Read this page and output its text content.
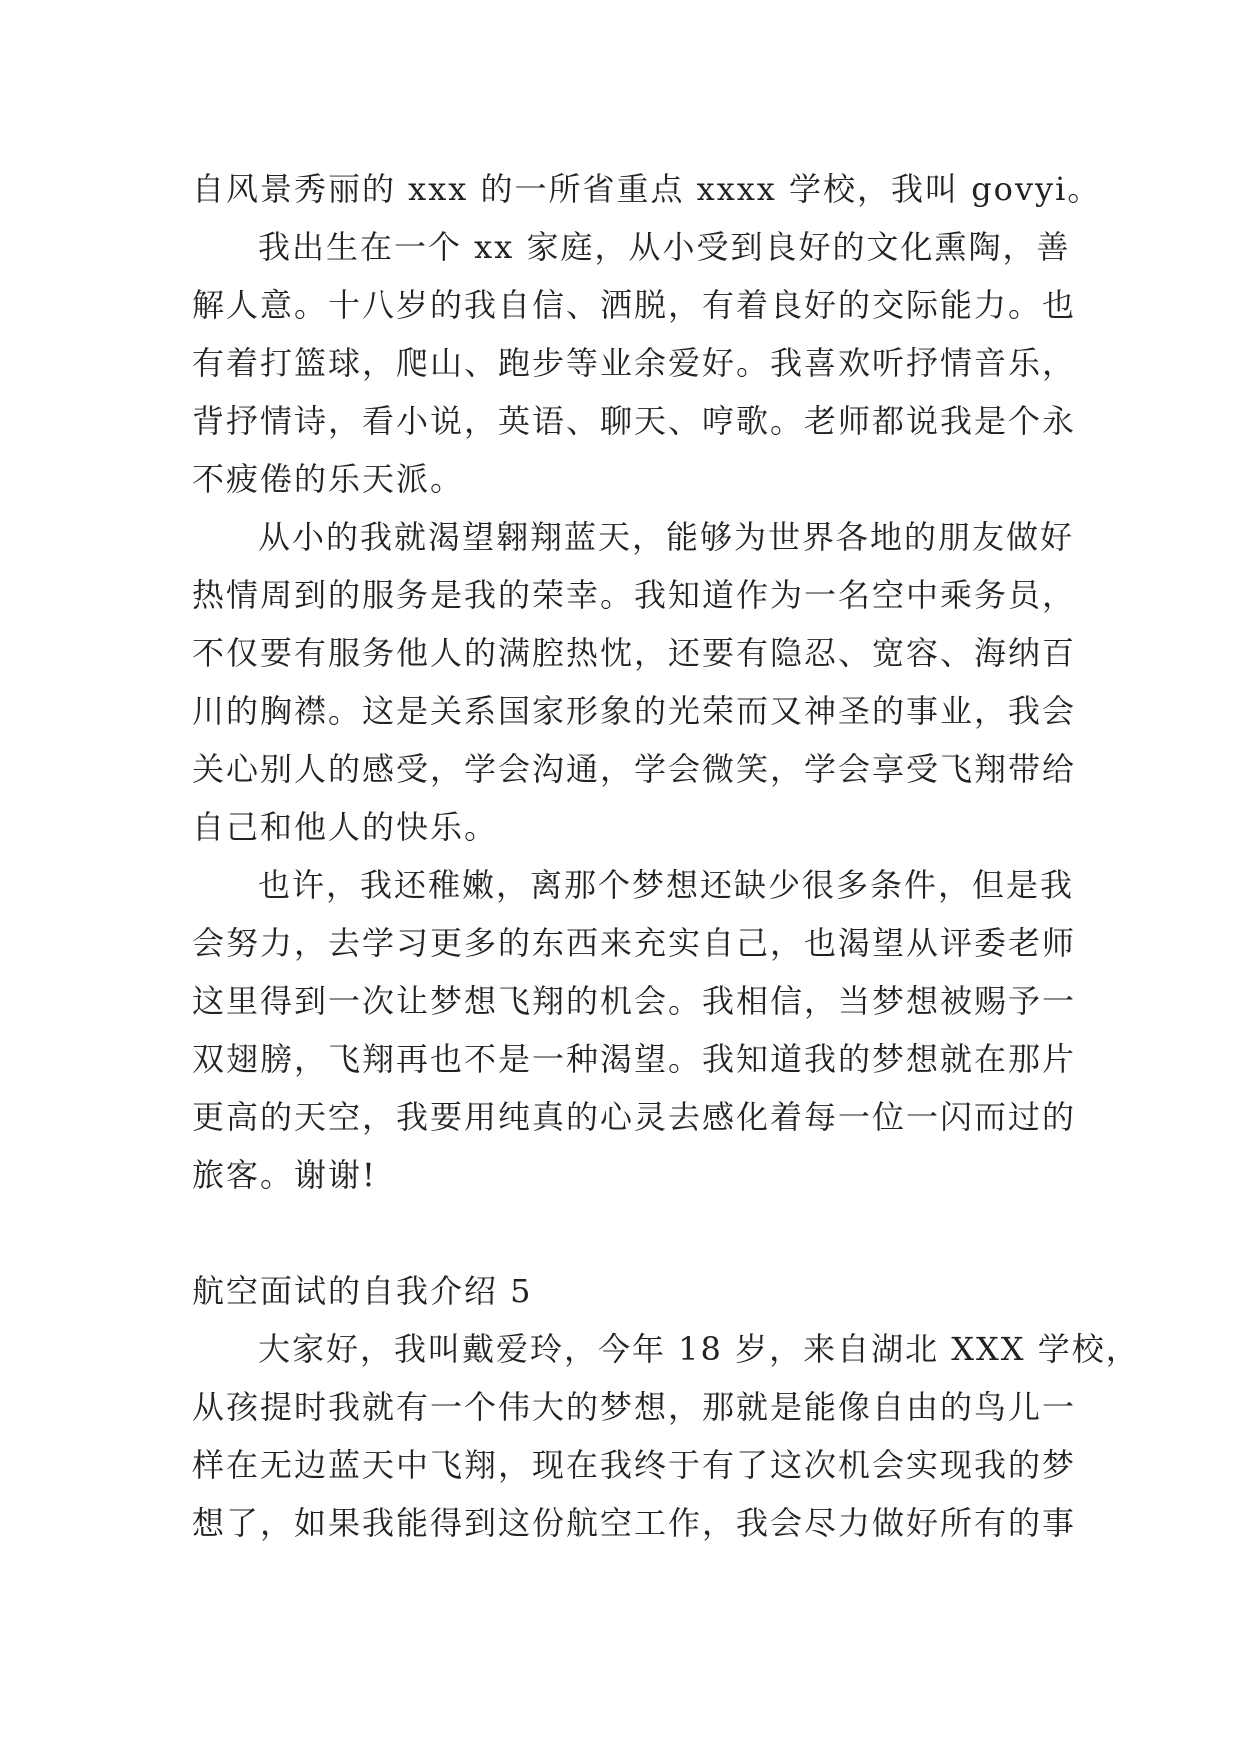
自风景秀丽的 xxx 的一所省重点 xxxx 学校，我叫 govyi。
我出生在一个 xx 家庭，从小受到良好的文化熏陶，善
解人意。十八岁的我自信、洒脱，有着良好的交际能力。也
有着打篮球，爬山、跑步等业余爱好。我喜欢听抒情音乐，
背抒情诗，看小说，英语、聊天、哼歌。老师都说我是个永
不疲倦的乐天派。
从小的我就渴望翱翔蓝天，能够为世界各地的朋友做好
热情周到的服务是我的荣幸。我知道作为一名空中乘务员，
不仅要有服务他人的满腔热忱，还要有隐忍、宽容、海纳百
川的胸襟。这是关系国家形象的光荣而又神圣的事业，我会
关心别人的感受，学会沟通，学会微笑，学会享受飞翔带给
自己和他人的快乐。
也许，我还稚嫩，离那个梦想还缺少很多条件，但是我
会努力，去学习更多的东西来充实自己，也渴望从评委老师
这里得到一次让梦想飞翔的机会。我相信，当梦想被赐予一
双翅膀，飞翔再也不是一种渴望。我知道我的梦想就在那片
更高的天空，我要用纯真的心灵去感化着每一位一闪而过的
旅客。谢谢!
航空面试的自我介绍 5
大家好，我叫戴爱玲，今年 18 岁，来自湖北 XXX 学校，
从孩提时我就有一个伟大的梦想，那就是能像自由的鸟儿一
样在无边蓝天中飞翔，现在我终于有了这次机会实现我的梦
想了，如果我能得到这份航空工作，我会尽力做好所有的事
